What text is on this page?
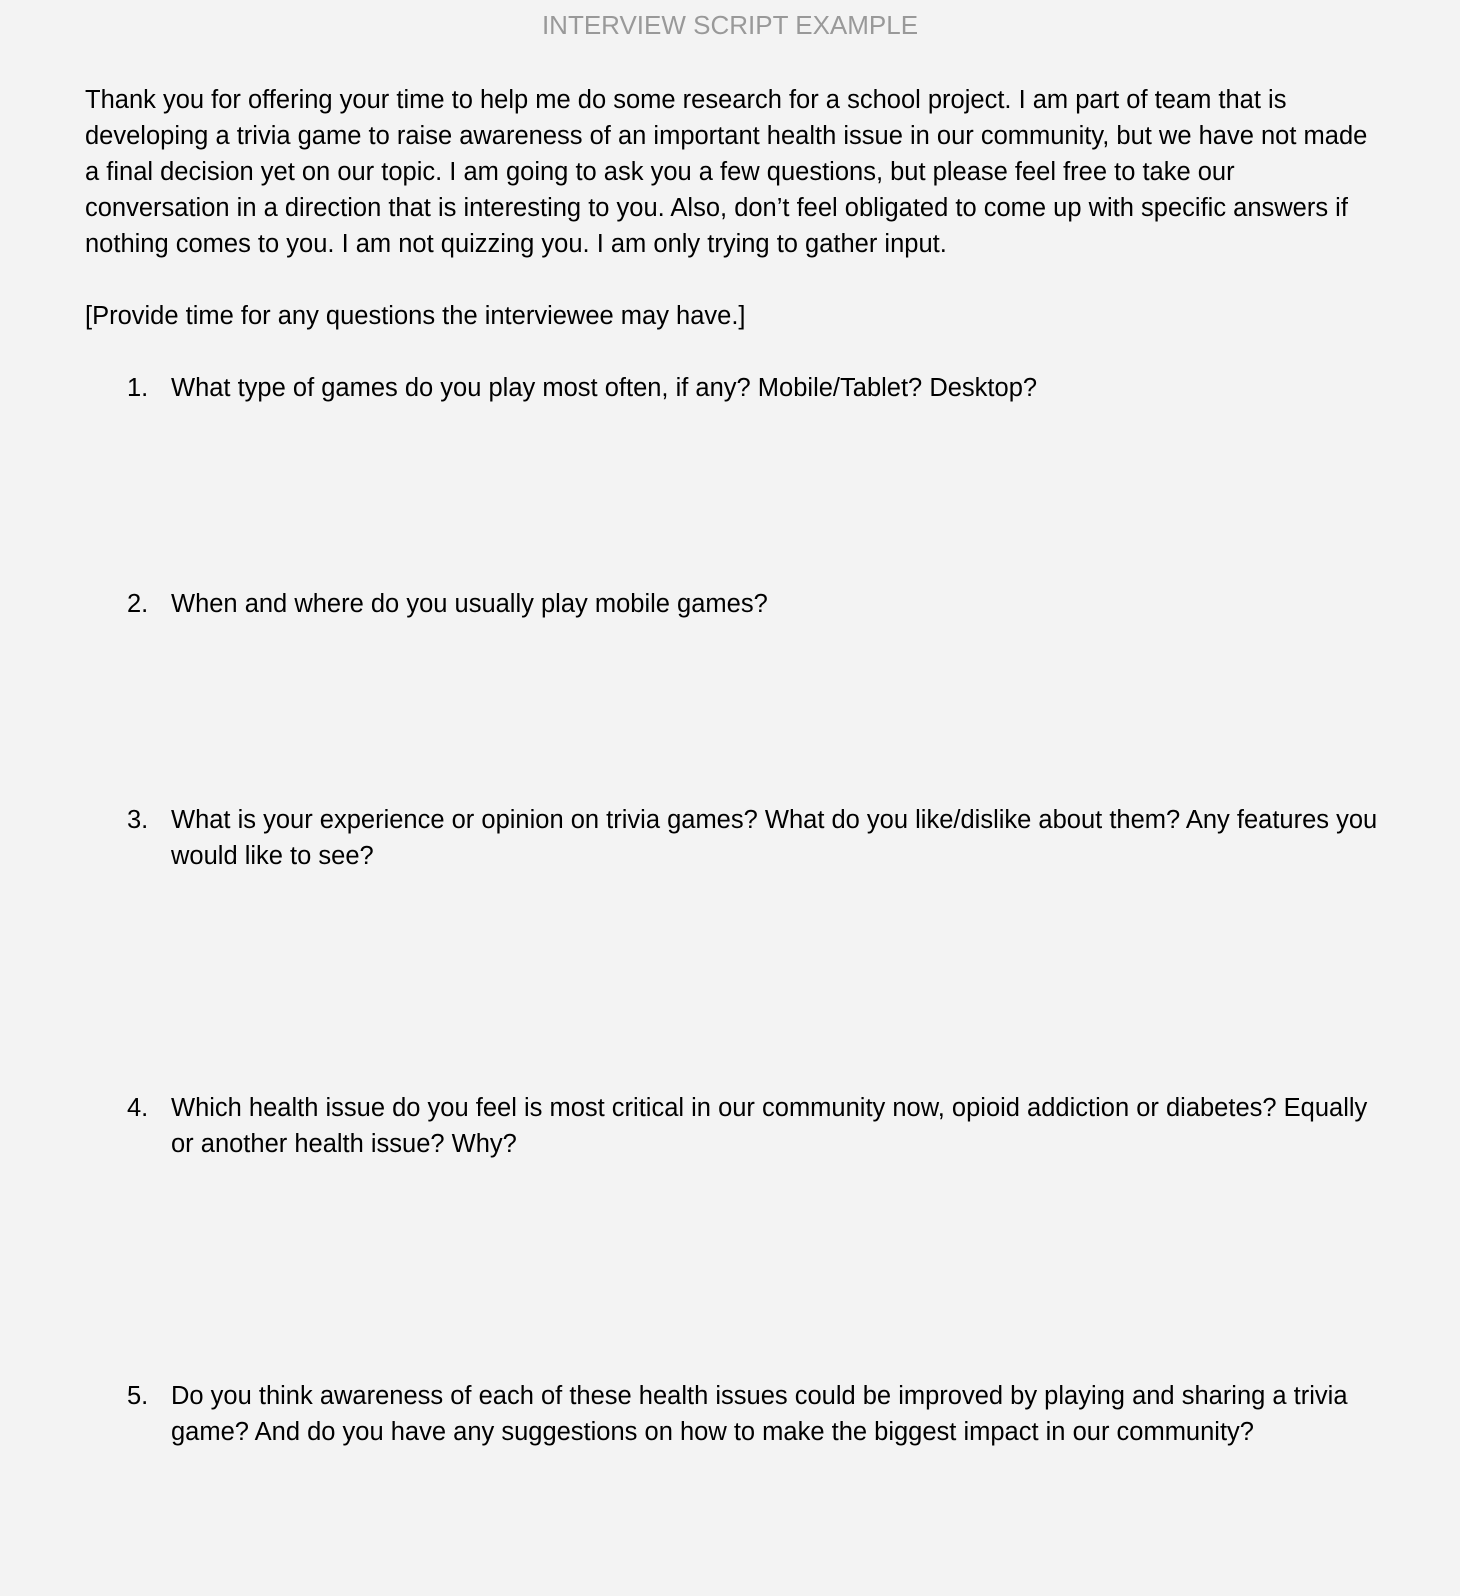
INTERVIEW SCRIPT EXAMPLE

Thank you for offering your time to help me do some research for a school project. I am part of team that is developing a trivia game to raise awareness of an important health issue in our community, but we have not made a final decision yet on our topic. I am going to ask you a few questions, but please feel free to take our conversation in a direction that is interesting to you. Also, don’t feel obligated to come up with specific answers if nothing comes to you. I am not quizzing you. I am only trying to gather input.

[Provide time for any questions the interviewee may have.]

1. What type of games do you play most often, if any? Mobile/Tablet? Desktop?
2. When and where do you usually play mobile games?
3. What is your experience or opinion on trivia games? What do you like/dislike about them? Any features you would like to see?
4. Which health issue do you feel is most critical in our community now, opioid addiction or diabetes? Equally or another health issue? Why?
5. Do you think awareness of each of these health issues could be improved by playing and sharing a trivia game? And do you have any suggestions on how to make the biggest impact in our community?
